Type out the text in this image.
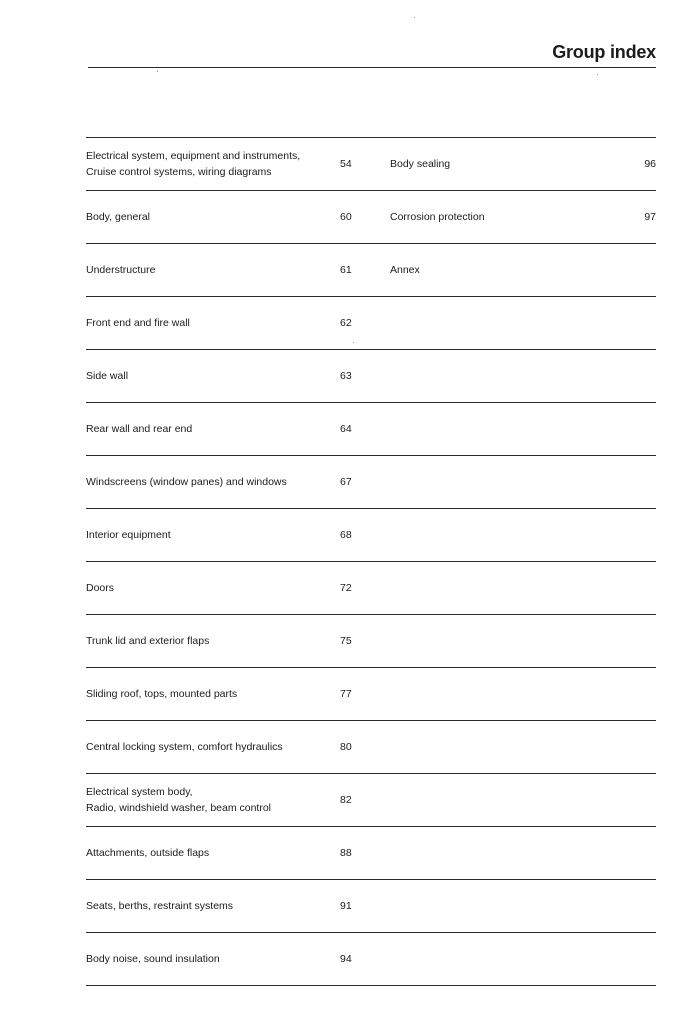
Group index
Electrical system, equipment and instruments,
Cruise control systems, wiring diagrams
54	Body sealing	96
Body, general	60	Corrosion protection	97
Understructure	61	Annex
Front end and fire wall	62
Side wall	63
Rear wall and rear end	64
Windscreens (window panes) and windows	67
Interior equipment	68
Doors	72
Trunk lid and exterior flaps	75
Sliding roof, tops, mounted parts	77
Central locking system, comfort hydraulics	80
Electrical system body,
Radio, windshield washer, beam control
82
Attachments, outside flaps	88
Seats, berths, restraint systems	91
Body noise, sound insulation	94
